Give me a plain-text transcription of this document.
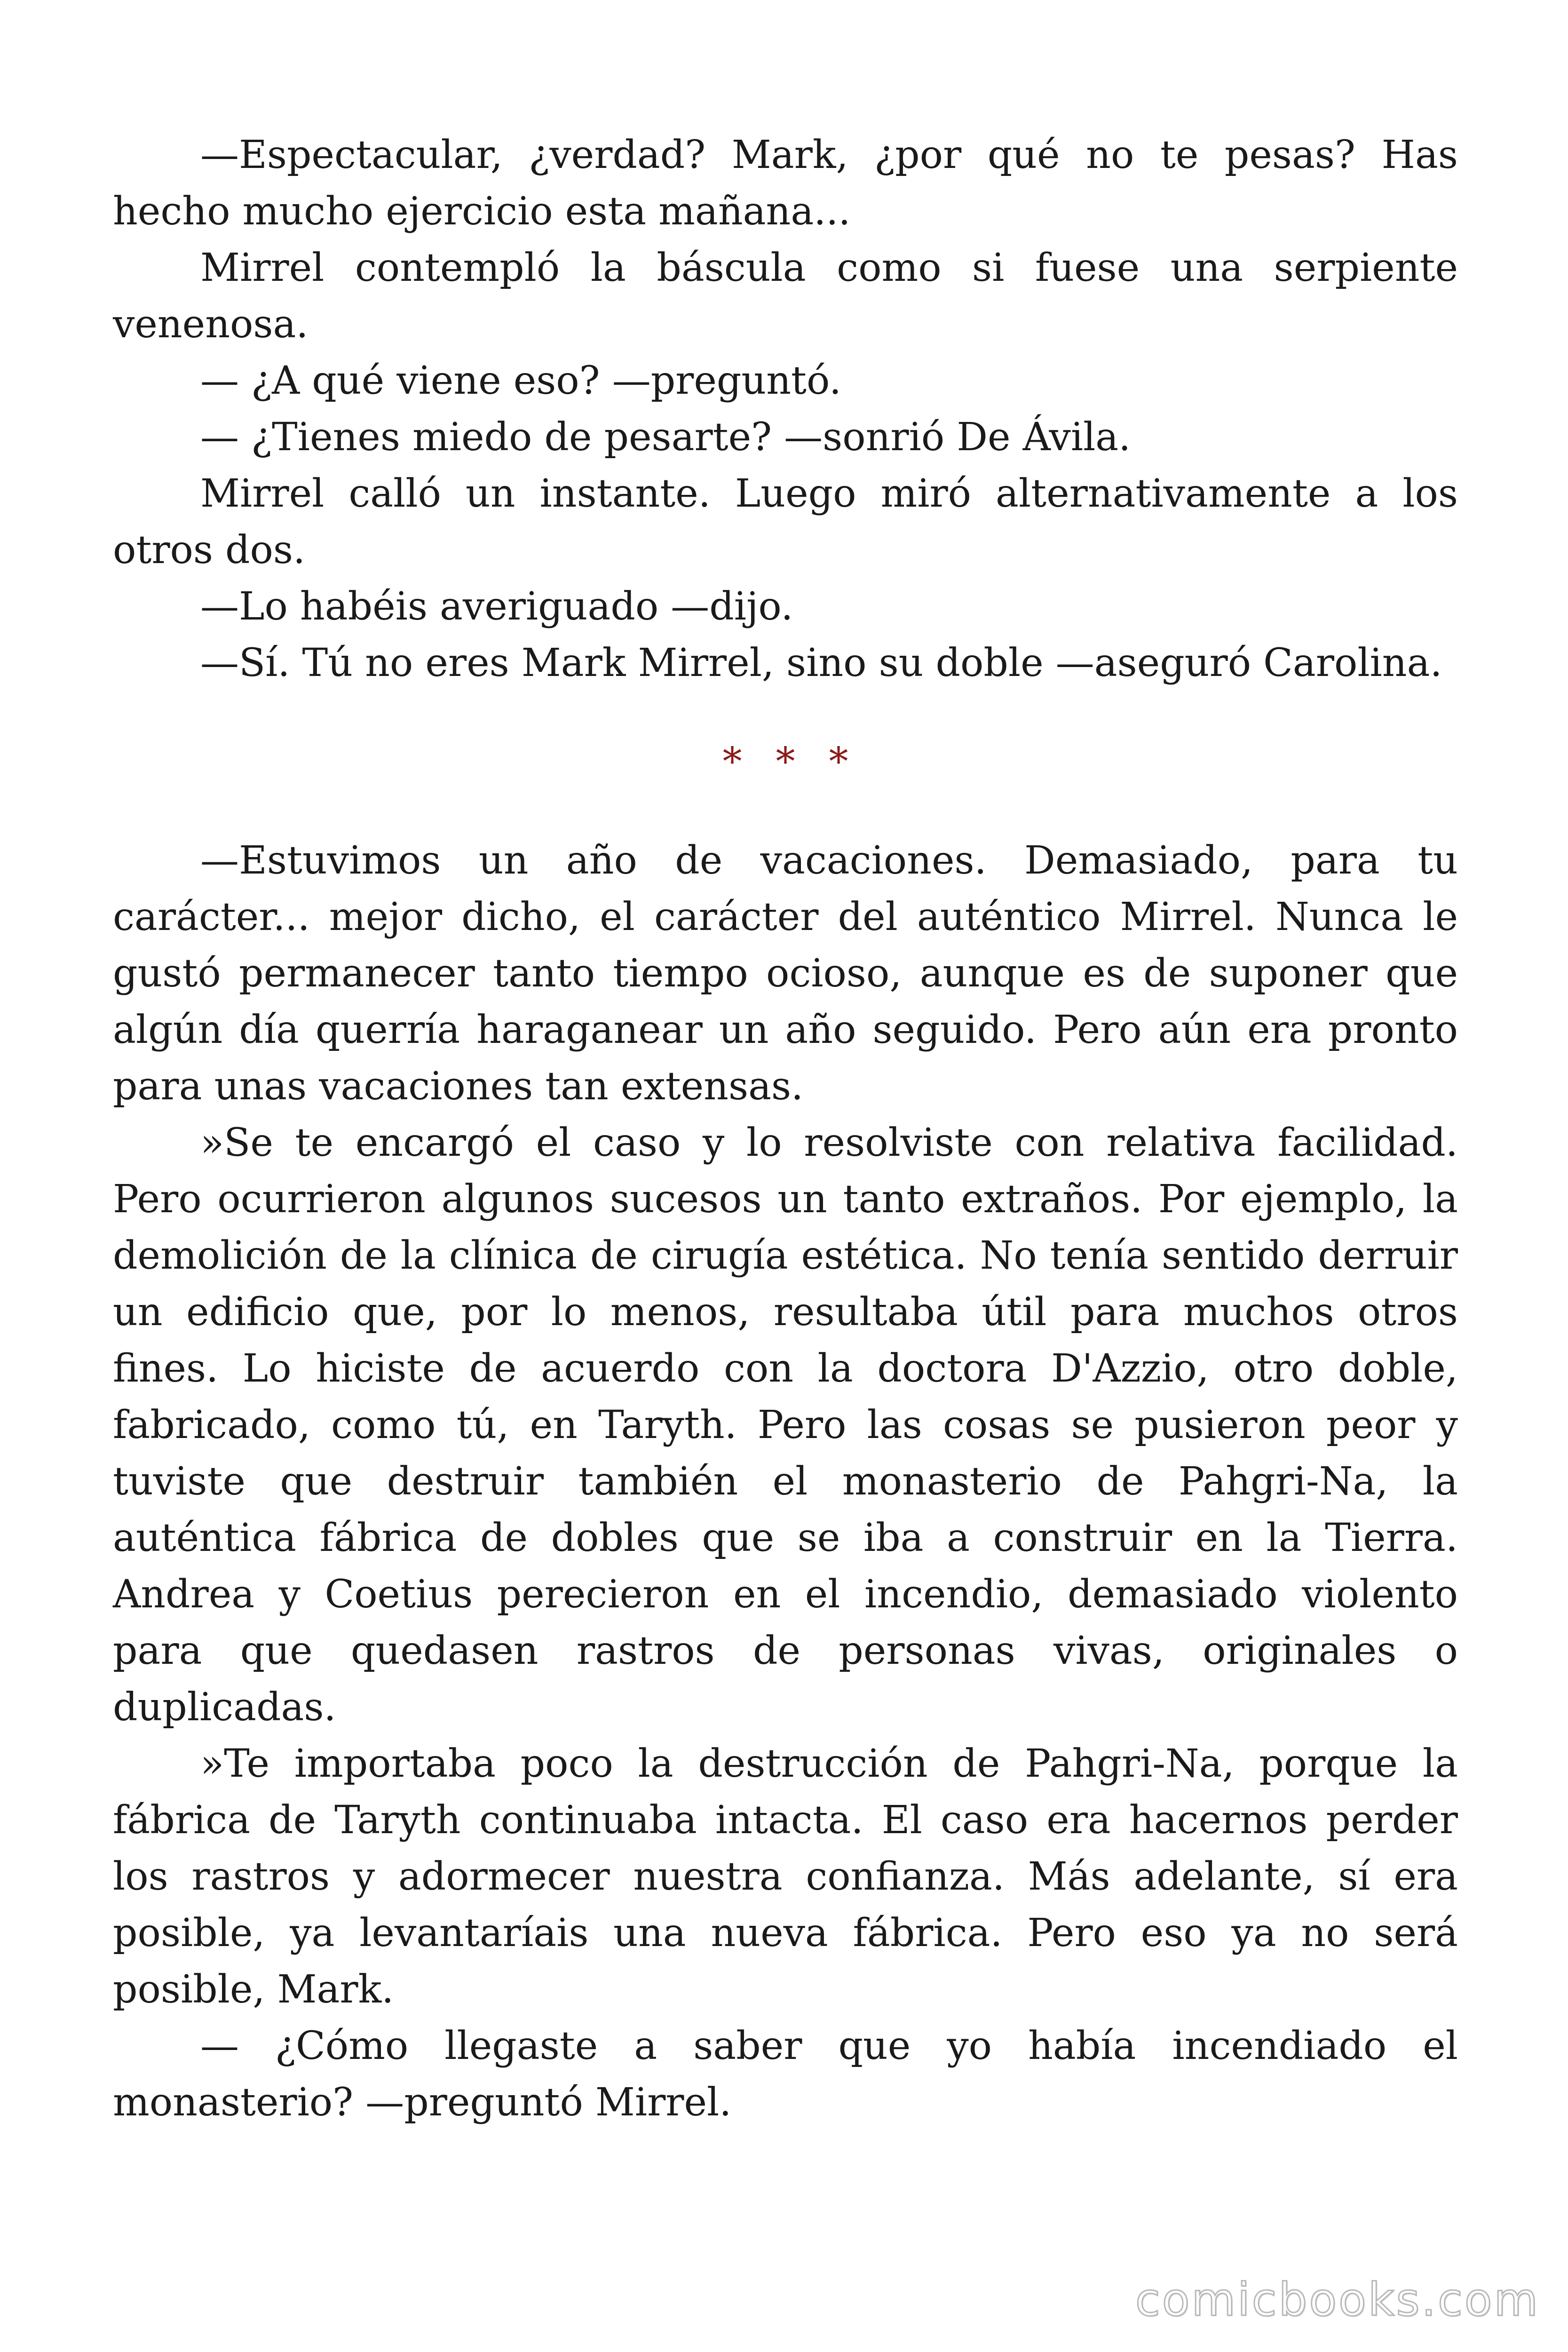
—Espectacular, ¿verdad? Mark, ¿por qué no te pesas? Has hecho mucho ejercicio esta mañana...

Mirrel contempló la báscula como si fuese una serpiente venenosa.

— ¿A qué viene eso? —preguntó.

— ¿Tienes miedo de pesarte? —sonrió De Ávila.

Mirrel calló un instante. Luego miró alternativamente a los otros dos.

—Lo habéis averiguado —dijo.

—Sí. Tú no eres Mark Mirrel, sino su doble —aseguró Carolina.

* * *

—Estuvimos un año de vacaciones. Demasiado, para tu carácter... mejor dicho, el carácter del auténtico Mirrel. Nunca le gustó permanecer tanto tiempo ocioso, aunque es de suponer que algún día querría haraganear un año seguido. Pero aún era pronto para unas vacaciones tan extensas.

»Se te encargó el caso y lo resolviste con relativa facilidad. Pero ocurrieron algunos sucesos un tanto extraños. Por ejemplo, la demolición de la clínica de cirugía estética. No tenía sentido derruir un edificio que, por lo menos, resultaba útil para muchos otros fines. Lo hiciste de acuerdo con la doctora D'Azzio, otro doble, fabricado, como tú, en Taryth. Pero las cosas se pusieron peor y tuviste que destruir también el monasterio de Pahgri-Na, la auténtica fábrica de dobles que se iba a construir en la Tierra. Andrea y Coetius perecieron en el incendio, demasiado violento para que quedasen rastros de personas vivas, originales o duplicadas.

»Te importaba poco la destrucción de Pahgri-Na, porque la fábrica de Taryth continuaba intacta. El caso era hacernos perder los rastros y adormecer nuestra confianza. Más adelante, sí era posible, ya levantaríais una nueva fábrica. Pero eso ya no será posible, Mark.

— ¿Cómo llegaste a saber que yo había incendiado el monasterio? —preguntó Mirrel.

comicbooks.com
